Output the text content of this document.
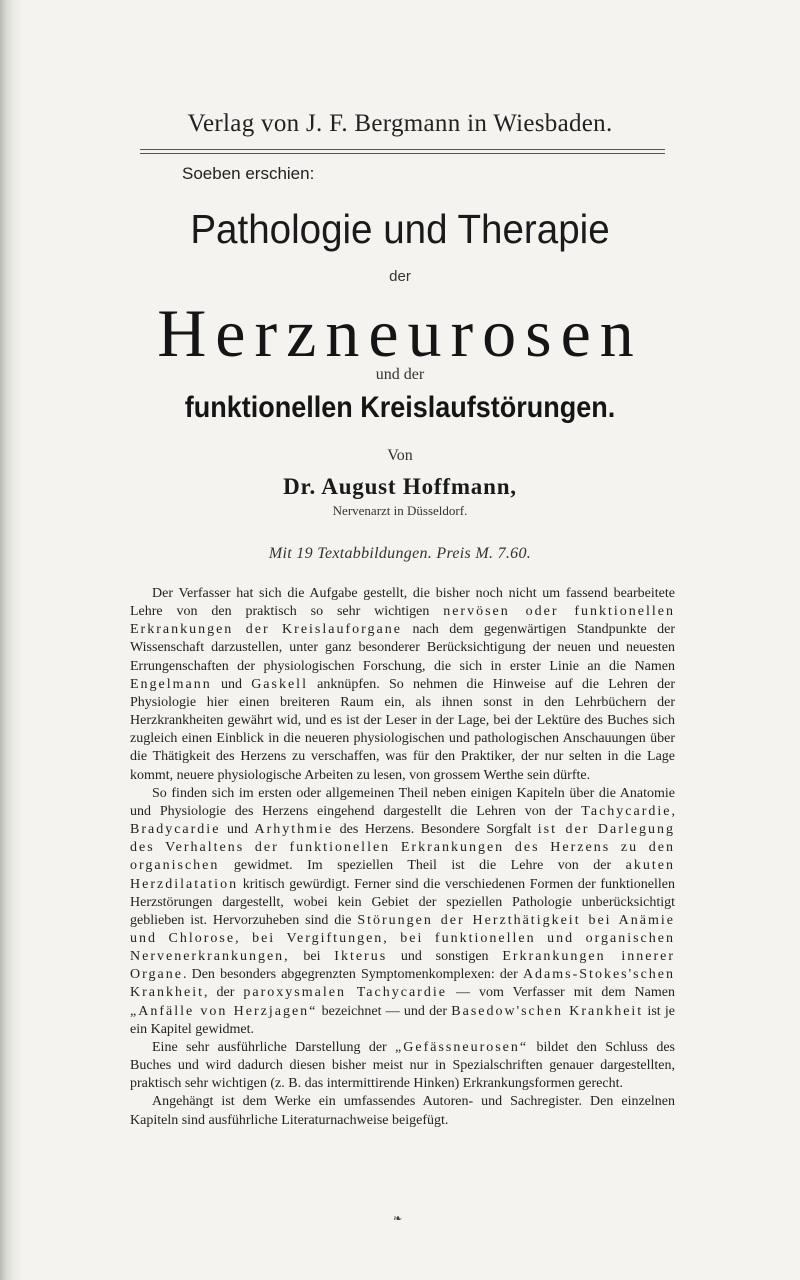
Verlag von J. F. Bergmann in Wiesbaden.
Soeben erschien:
Pathologie und Therapie
der
Herzneurosen
und der
funktionellen Kreislaufstörungen.
Von
Dr. August Hoffmann,
Nervenarzt in Düsseldorf.
Mit 19 Textabbildungen. Preis M. 7.60.

Der Verfasser hat sich die Aufgabe gestellt, die bisher noch nicht um fassend bearbeitete Lehre von den praktisch so sehr wichtigen nervösen oder funktionellen Erkrankungen der Kreislauforgane nach dem gegenwärtigen Standpunkte der Wissenschaft darzustellen, unter ganz besonderer Berücksichtigung der neuen und neuesten Errungenschaften der physiologischen Forschung, die sich in erster Linie an die Namen Engelmann und Gaskell anknüpfen. So nehmen die Hinweise auf die Lehren der Physiologie hier einen breiteren Raum ein, als ihnen sonst in den Lehrbüchern der Herzkrankheiten gewährt wid, und es ist der Leser in der Lage, bei der Lektüre des Buches sich zugleich einen Einblick in die neueren physiologischen und pathologischen Anschauungen über die Thätigkeit des Herzens zu verschaffen, was für den Praktiker, der nur selten in die Lage kommt, neuere physiologische Arbeiten zu lesen, von grossem Werthe sein dürfte.

So finden sich im ersten oder allgemeinen Theil neben einigen Kapiteln über die Anatomie und Physiologie des Herzens eingehend dargestellt die Lehren von der Tachycardie, Bradycardie und Arhythmie des Herzens. Besondere Sorgfalt ist der Darlegung des Verhaltens der funktionellen Erkrankungen des Herzens zu den organischen gewidmet. Im speziellen Theil ist die Lehre von der akuten Herzdilatation kritisch gewürdigt. Ferner sind die verschiedenen Formen der funktionellen Herzstörungen dargestellt, wobei kein Gebiet der speziellen Pathologie unberücksichtigt geblieben ist. Hervorzuheben sind die Störungen der Herzthätigkeit bei Anämie und Chlorose, bei Vergiftungen, bei funktionellen und organischen Nervenerkrankungen, bei Ikterus und sonstigen Erkrankungen innerer Organe. Den besonders abgegrenzten Symptomenkomplexen: der Adams-Stokes'schen Krankheit, der paroxysmalen Tachycardie — vom Verfasser mit dem Namen „Anfälle von Herzjagen“ bezeichnet — und der Basedow'schen Krankheit ist je ein Kapitel gewidmet.

Eine sehr ausführliche Darstellung der „Gefässneurosen“ bildet den Schluss des Buches und wird dadurch diesen bisher meist nur in Spezialschriften genauer dargestellten, praktisch sehr wichtigen (z. B. das intermittirende Hinken) Erkrankungsformen gerecht.

Angehängt ist dem Werke ein umfassendes Autoren- und Sachregister. Den einzelnen Kapiteln sind ausführliche Literaturnachweise beigefügt.

❧
